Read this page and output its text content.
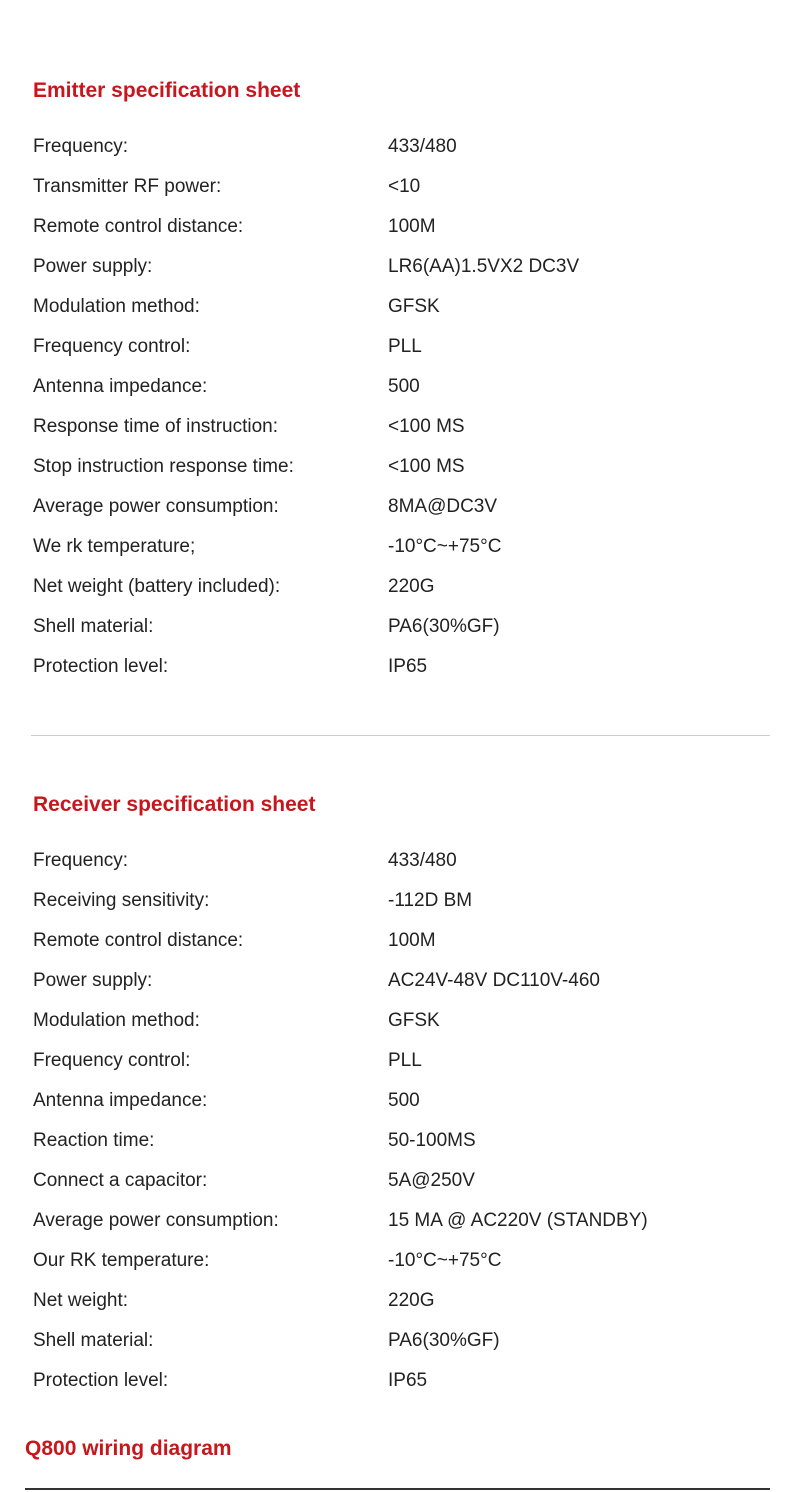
Emitter specification sheet
Frequency:	433/480
Transmitter RF power:	<10
Remote control distance:	100M
Power supply:	LR6(AA)1.5VX2 DC3V
Modulation method:	GFSK
Frequency control:	PLL
Antenna impedance:	500
Response time of instruction:	<100 MS
Stop instruction response time:	<100 MS
Average power consumption:	8MA@DC3V
We rk temperature;	-10°C~+75°C
Net weight (battery included):	220G
Shell material:	PA6(30%GF)
Protection level:	IP65
Receiver specification sheet
Frequency:	433/480
Receiving sensitivity:	-112D BM
Remote control distance:	100M
Power supply:	AC24V-48V DC110V-460
Modulation method:	GFSK
Frequency control:	PLL
Antenna impedance:	500
Reaction time:	50-100MS
Connect a capacitor:	5A@250V
Average power consumption:	15 MA @ AC220V (STANDBY)
Our RK temperature:	-10°C~+75°C
Net weight:	220G
Shell material:	PA6(30%GF)
Protection level:	IP65
Q800 wiring diagram
